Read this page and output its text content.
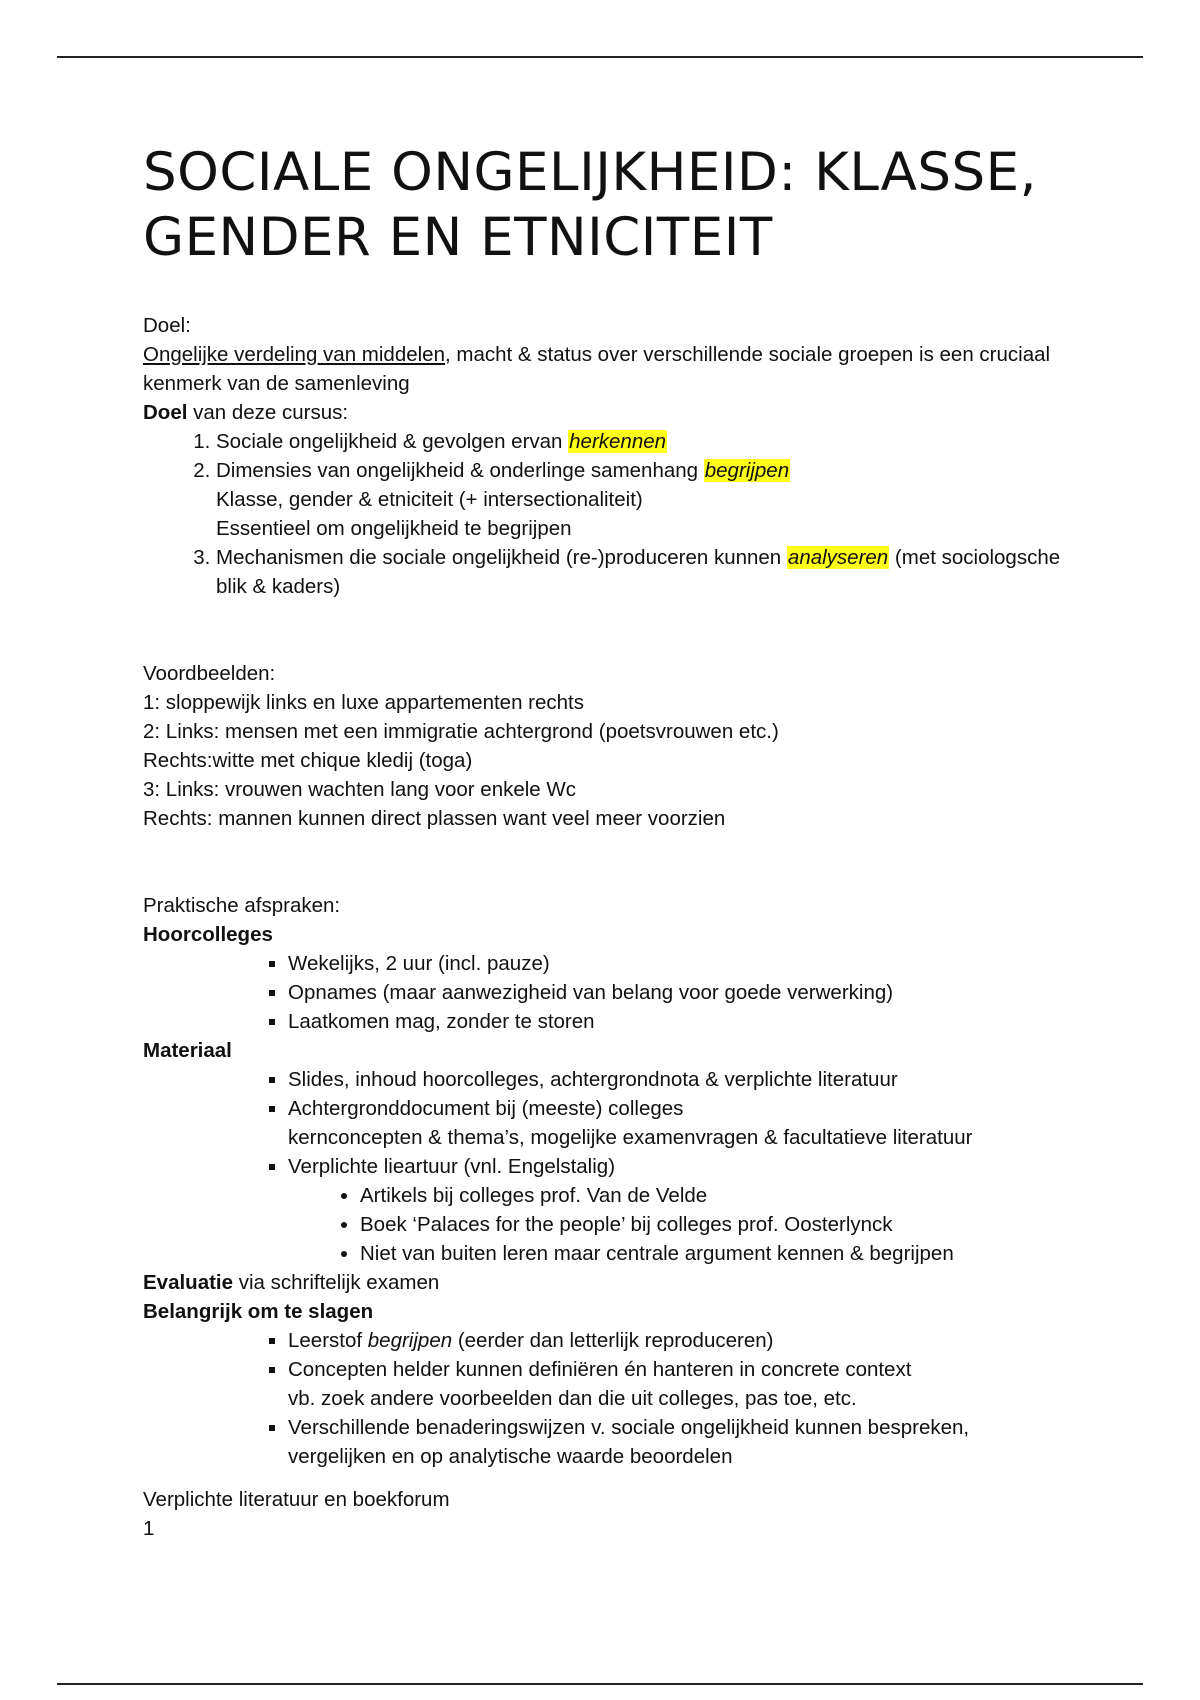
SOCIALE ONGELIJKHEID: KLASSE, GENDER EN ETNICITEIT

Doel:

Ongelijke verdeling van middelen, macht & status over verschillende sociale groepen is een cruciaal kenmerk van de samenleving

Doel van deze cursus:

1. Sociale ongelijkheid & gevolgen ervan herkennen
2. Dimensies van ongelijkheid & onderlinge samenhang begrijpen
Klasse, gender & etniciteit (+ intersectionaliteit)
Essentieel om ongelijkheid te begrijpen
3. Mechanismen die sociale ongelijkheid (re-)produceren kunnen analyseren (met sociologsche blik & kaders)

Voordbeelden:

1: sloppewijk links en luxe appartementen rechts

2: Links: mensen met een immigratie achtergrond (poetsvrouwen etc.)

Rechts:witte met chique kledij (toga)

3: Links: vrouwen wachten lang voor enkele Wc

Rechts: mannen kunnen direct plassen want veel meer voorzien

Praktische afspraken:

Hoorcolleges

▪ Wekelijks, 2 uur (incl. pauze)
▪ Opnames (maar aanwezigheid van belang voor goede verwerking)
▪ Laatkomen mag, zonder te storen

Materiaal

▪ Slides, inhoud hoorcolleges, achtergrondnota & verplichte literatuur
▪ Achtergronddocument bij (meeste) colleges
kernconcepten & thema’s, mogelijke examenvragen & facultatieve literatuur
▪ Verplichte lieartuur (vnl. Engelstalig)
• Artikels bij colleges prof. Van de Velde
• Boek ‘Palaces for the people’ bij colleges prof. Oosterlynck
• Niet van buiten leren maar centrale argument kennen & begrijpen

Evaluatie via schriftelijk examen

Belangrijk om te slagen

▪ Leerstof begrijpen (eerder dan letterlijk reproduceren)
▪ Concepten helder kunnen definiëren én hanteren in concrete context
vb. zoek andere voorbeelden dan die uit colleges, pas toe, etc.
▪ Verschillende benaderingswijzen v. sociale ongelijkheid kunnen bespreken, vergelijken en op analytische waarde beoordelen

Verplichte literatuur en boekforum

1
